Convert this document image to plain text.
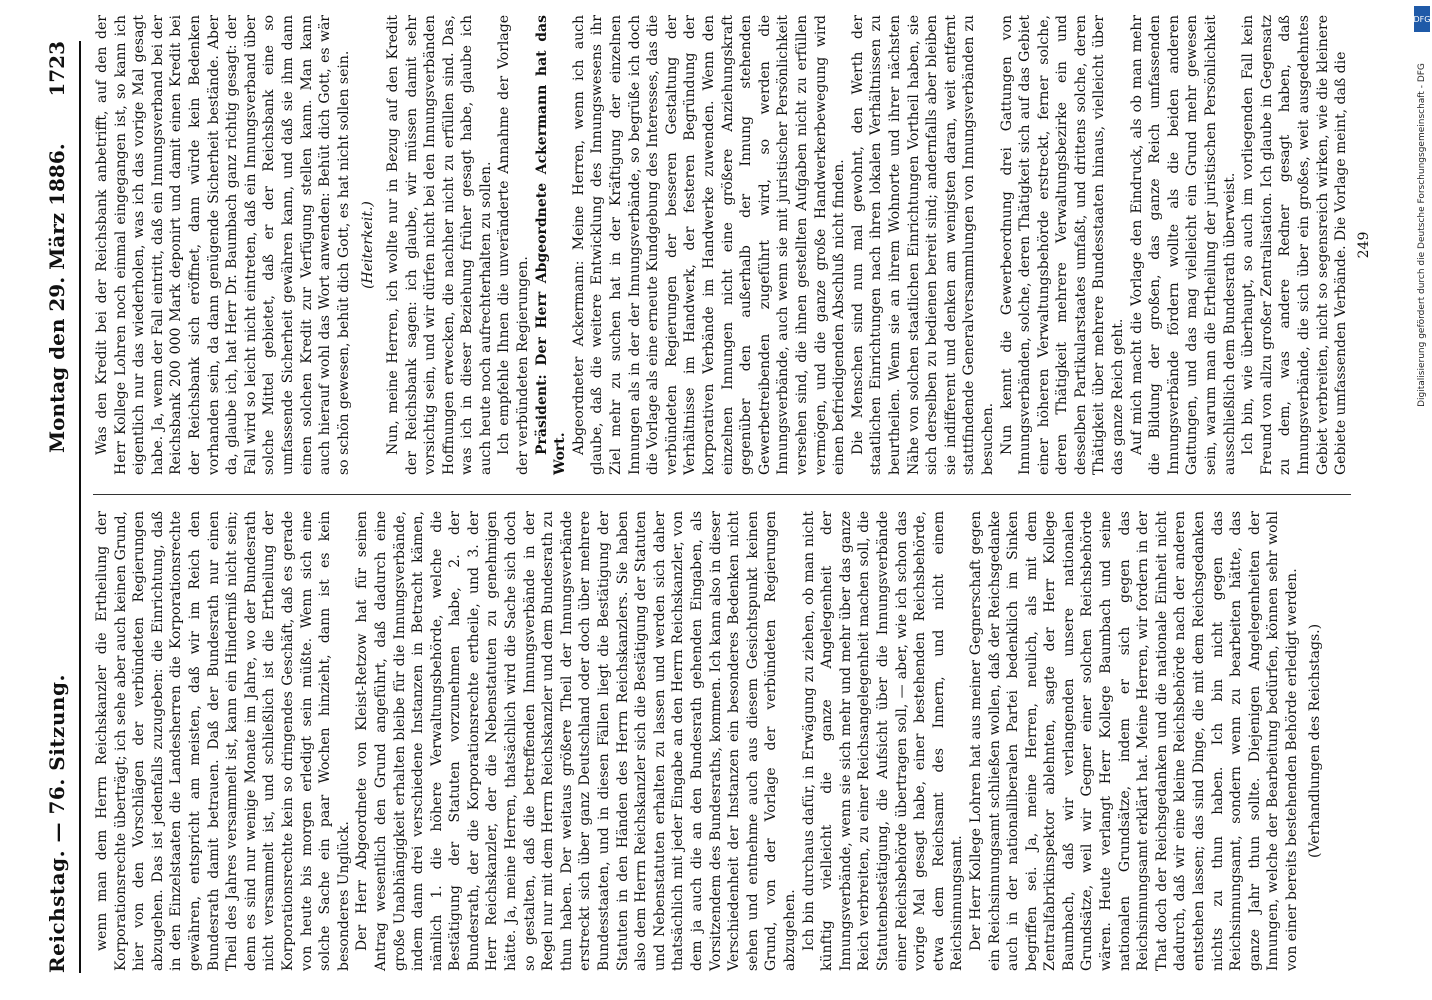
Reichstag. — 76. Sitzung.
Montag den 29. März 1886.
1723

wenn man dem Herrn Reichskanzler die Ertheilung der Korporationsrechte überträgt; ich sehe aber auch keinen Grund, hier von den Vorschlägen der verbündeten Regierungen abzugehen. Das ist jedenfalls zuzugeben: die Einrichtung, daß in den Einzelstaaten die Landesherren die Korporationsrechte gewähren, entspricht am meisten, daß wir im Reich den Bundesrath damit betrauen. Daß der Bundesrath nur einen Theil des Jahres versammelt ist, kann ein Hinderniß nicht sein; denn es sind nur wenige Monate im Jahre, wo der Bundesrath nicht versammelt ist, und schließlich ist die Ertheilung der Korporationsrechte kein so dringendes Geschäft, daß es gerade von heute bis morgen erledigt sein müßte. Wenn sich eine solche Sache ein paar Wochen hinzieht, dann ist es kein besonderes Unglück. Der Herr Abgeordnete von Kleist-Retzow hat für seinen Antrag wesentlich den Grund angeführt, daß dadurch eine große Unabhängigkeit erhalten bleibe für die Innungsverbände, indem dann drei verschiedene Instanzen in Betracht kämen, nämlich 1. die höhere Verwaltungsbehörde, welche die Bestätigung der Statuten vorzunehmen habe, 2. der Bundesrath, der die Korporationsrechte ertheile, und 3. der Herr Reichskanzler, der die Nebenstatuten zu genehmigen hätte. Ja, meine Herren, thatsächlich wird die Sache sich doch so gestalten, daß die betreffenden Innungsverbände in der Regel nur mit dem Herrn Reichskanzler und dem Bundesrath zu thun haben. Der weitaus größere Theil der Innungsverbände erstreckt sich über ganz Deutschland oder doch über mehrere Bundesstaaten, und in diesen Fällen liegt die Bestätigung der Statuten in den Händen des Herrn Reichskanzlers. Sie haben also dem Herrn Reichskanzler sich die Bestätigung der Statuten und Nebenstatuten erhalten zu lassen und werden sich daher thatsächlich mit jeder Eingabe an den Herrn Reichskanzler, von dem ja auch die an den Bundesrath gehenden Eingaben, als Vorsitzendem des Bundesraths, kommen. Ich kann also in dieser Verschiedenheit der Instanzen ein besonderes Bedenken nicht sehen und entnehme auch aus diesem Gesichtspunkt keinen Grund, von der Vorlage der verbündeten Regierungen abzugehen. Ich bin durchaus dafür, in Erwägung zu ziehen, ob man nicht künftig vielleicht die ganze Angelegenheit der Innungsverbände, wenn sie sich mehr und mehr über das ganze Reich verbreiten, zu einer Reichsangelegenheit machen soll, die Statutenbestätigung, die Aufsicht über die Innungsverbände einer Reichsbehörde übertragen soll, — aber, wie ich schon das vorige Mal gesagt habe, einer bestehenden Reichsbehörde, etwa dem Reichsamt des Innern, und nicht einem Reichsinnungsamt. Der Herr Kollege Lohren hat aus meiner Gegnerschaft gegen ein Reichsinnungsamt schließen wollen, daß der Reichsgedanke auch in der nationalliberalen Partei bedenklich im Sinken begriffen sei. Ja, meine Herren, neulich, als mit dem Zentralfabrikinspektor ablehnten, sagte der Herr Kollege Baumbach, daß wir verlangenden unsere nationalen Grundsätze, weil wir Gegner einer solchen Reichsbehörde wären. Heute verlangt Herr Kollege Baumbach und seine nationalen Grundsätze, indem er sich gegen das Reichsinnungsamt erklärt hat. Meine Herren, wir fordern in der That doch der Reichsgedanken und die nationale Einheit nicht dadurch, daß wir eine kleine Reichsbehörde nach der anderen entstehen lassen; das sind Dinge, die mit dem Reichsgedanken nichts zu thun haben. Ich bin nicht gegen das Reichsinnungsamt, sondern wenn zu bearbeiten hätte, das ganze Jahr thun sollte. Diejenigen Angelegenheiten der Innungen, welche der Bearbeitung bedürfen, können sehr wohl von einer bereits bestehenden Behörde erledigt werden. (Verhandlungen des Reichstags.)

Was den Kredit bei der Reichsbank anbetrifft, auf den der Herr Kollege Lohren noch einmal eingegangen ist, so kann ich eigentlich nur das wiederholen, was ich das vorige Mal gesagt habe. Ja, wenn der Fall eintritt, daß ein Innungsverband bei der Reichsbank 200 000 Mark deponirt und damit einen Kredit bei der Reichsbank sich eröffnet, dann würde kein Bedenken vorhanden sein, da dann genügende Sicherheit bestände. Aber da, glaube ich, hat Herr Dr. Baumbach ganz richtig gesagt: der Fall wird so leicht nicht eintreten, daß ein Innungsverband über solche Mittel gebietet, daß er der Reichsbank eine so umfassende Sicherheit gewähren kann, und daß sie ihm dann einen solchen Kredit zur Verfügung stellen kann. Man kann auch hierauf wohl das Wort anwenden: Behüt dich Gott, es wär so schön gewesen, behüt dich Gott, es hat nicht sollen sein. (Heiterkeit.) Nun, meine Herren, ich wollte nur in Bezug auf den Kredit der Reichsbank sagen: ich glaube, wir müssen damit sehr vorsichtig sein, und wir dürfen nicht bei den Innungsverbänden Hoffnungen erwecken, die nachher nicht zu erfüllen sind. Das, was ich in dieser Beziehung früher gesagt habe, glaube ich auch heute noch aufrechterhalten zu sollen. Ich empfehle Ihnen die unveränderte Annahme der Vorlage der verbündeten Regierungen. Präsident: Der Herr Abgeordnete Ackermann hat das Wort. Abgeordneter Ackermann: Meine Herren, wenn ich auch glaube, daß die weitere Entwicklung des Innungswesens ihr Ziel mehr zu suchen hat in der Kräftigung der einzelnen Innungen als in der der Innungsverbände, so begrüße ich doch die Vorlage als eine erneute Kundgebung des Interesses, das die verbündeten Regierungen der besseren Gestaltung der Verhältnisse im Handwerk, der festeren Begründung der korporativen Verbände im Handwerke zuwenden. Wenn den einzelnen Innungen nicht eine größere Anziehungskraft gegenüber den außerhalb der Innung stehenden Gewerbetreibenden zugeführt wird, so werden die Innungsverbände, auch wenn sie mit juristischer Persönlichkeit versehen sind, die ihnen gestellten Aufgaben nicht zu erfüllen vermögen, und die ganze große Handwerkerbewegung wird einen befriedigenden Abschluß nicht finden. Die Menschen sind nun mal gewohnt, den Werth der staatlichen Einrichtungen nach ihren lokalen Verhältnissen zu beurtheilen. Wenn sie an ihrem Wohnorte und ihrer nächsten Nähe von solchen staatlichen Einrichtungen Vortheil haben, sie sich derselben zu bedienen bereit sind; andernfalls aber bleiben sie indifferent und denken am wenigsten daran, weit entfernt stattfindende Generalversammlungen von Innungsverbänden zu besuchen. Nun kennt die Gewerbeordnung drei Gattungen von Innungsverbänden, solche, deren Thätigkeit sich auf das Gebiet einer höheren Verwaltungsbehörde erstreckt, ferner solche, deren Thätigkeit mehrere Verwaltungsbezirke ein und desselben Partikularstaates umfaßt, und drittens solche, deren Thätigkeit über mehrere Bundesstaaten hinaus, vielleicht über das ganze Reich geht. Auf mich macht die Vorlage den Eindruck, als ob man mehr die Bildung der großen, das ganze Reich umfassenden Innungsverbände fördern wollte als die beiden anderen Gattungen, und das mag vielleicht ein Grund mehr gewesen sein, warum man die Ertheilung der juristischen Persönlichkeit ausschließlich dem Bundesrath überweist. Ich bin, wie überhaupt, so auch im vorliegenden Fall kein Freund von allzu großer Zentralisation. Ich glaube in Gegensatz zu dem, was andere Redner gesagt haben, daß Innungsverbände, die sich über ein großes, weit ausgedehntes Gebiet verbreiten, nicht so segensreich wirken, wie die kleinere Gebiete umfassenden Verbände. Die Vorlage meint, daß die 249

DFG
Digitalisierung gefördert durch die Deutsche Forschungsgemeinschaft - DFG
